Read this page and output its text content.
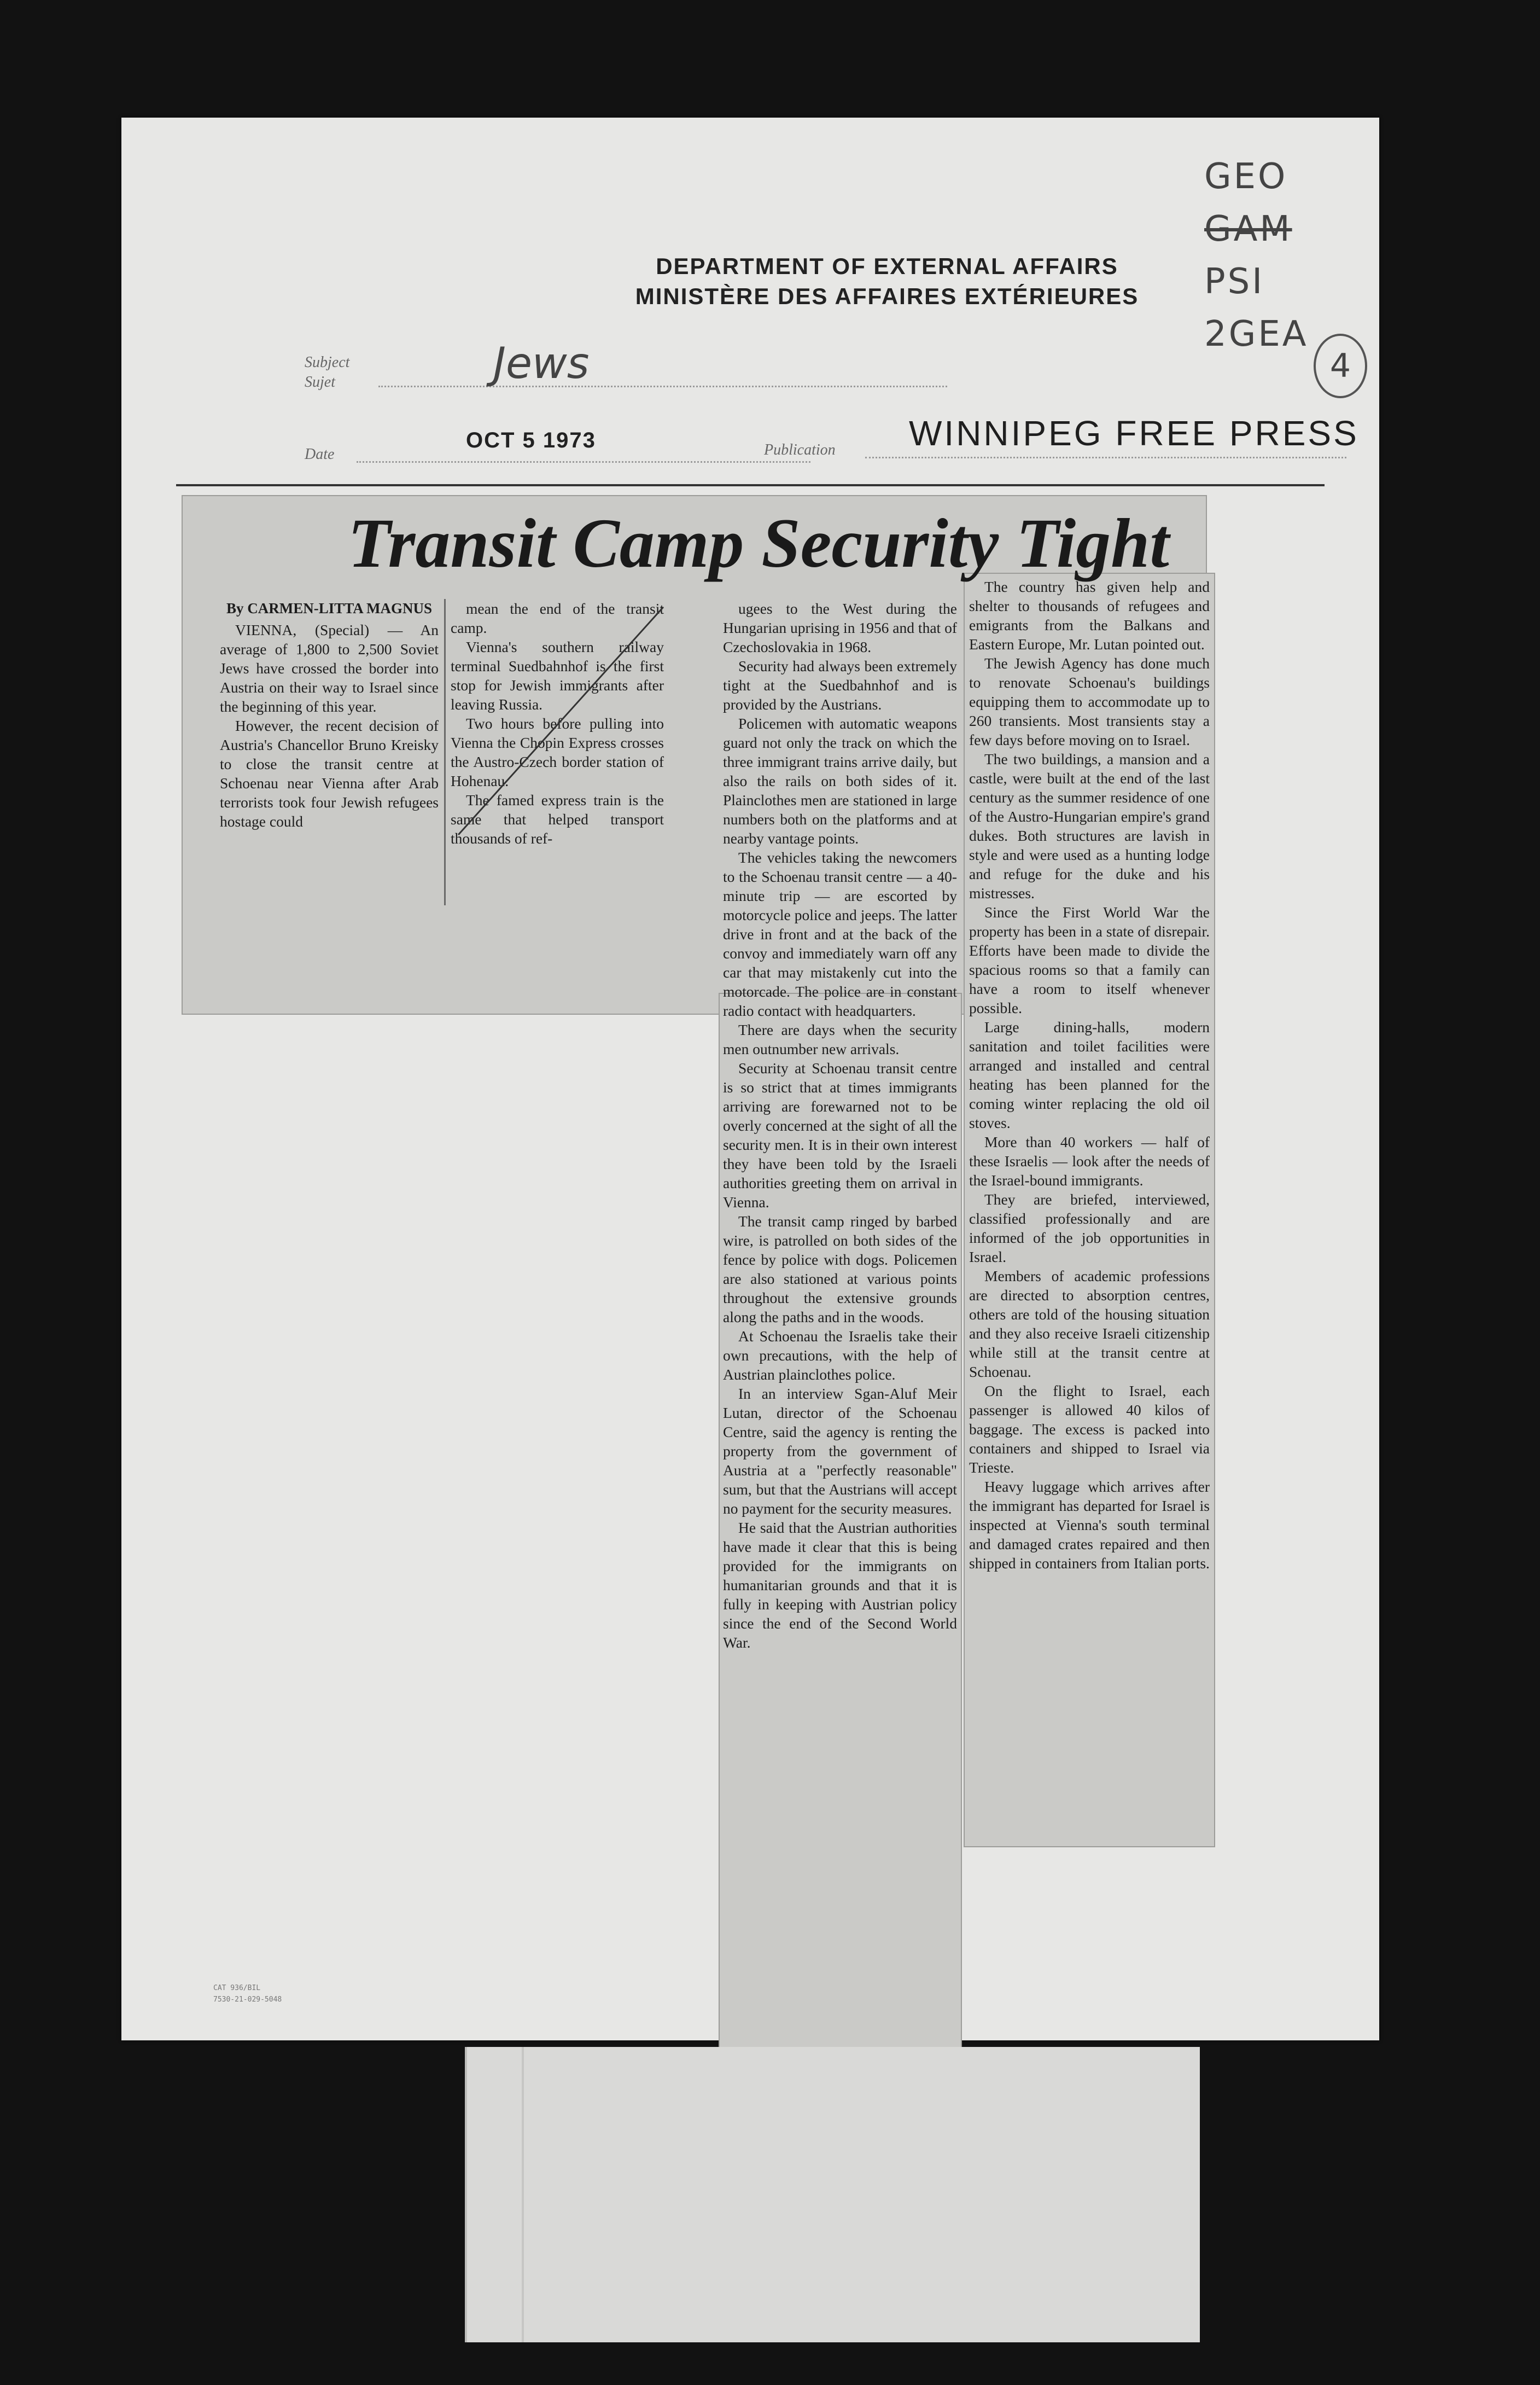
DEPARTMENT OF EXTERNAL AFFAIRS
MINISTÈRE DES AFFAIRES EXTÉRIEURES
GEO
GAM
PSI
2GEA
4
Subject
Sujet	Jews
Date
OCT 5 1973	Publication WINNIPEG FREE PRESS
Transit Camp Security Tight

By CARMEN-LITTA MAGNUS

VIENNA, (Special) — An average of 1,800 to 2,500 Soviet Jews have crossed the border into Austria on their way to Israel since the beginning of this year.

However, the recent decision of Austria's Chancellor Bruno Kreisky to close the transit centre at Schoenau near Vienna after Arab terrorists took four Jewish refugees hostage could

mean the end of the transit camp.

Vienna's southern railway terminal Suedbahnhof is the first stop for Jewish immigrants after leaving Russia.

Two hours before pulling into Vienna the Chopin Express crosses the Austro-Czech border station of Hohenau.

The famed express train is the same that helped transport thousands of ref-

ugees to the West during the Hungarian uprising in 1956 and that of Czechoslovakia in 1968.

Security had always been extremely tight at the Suedbahnhof and is provided by the Austrians.

Policemen with automatic weapons guard not only the track on which the three immigrant trains arrive daily, but also the rails on both sides of it. Plainclothes men are stationed in large numbers both on the platforms and at nearby vantage points.

The vehicles taking the newcomers to the Schoenau transit centre — a 40-minute trip — are escorted by motorcycle police and jeeps. The latter drive in front and at the back of the convoy and immediately warn off any car that may mistakenly cut into the motorcade. The police are in constant radio contact with headquarters.

There are days when the security men outnumber new arrivals.

Security at Schoenau transit centre is so strict that at times immigrants arriving are forewarned not to be overly concerned at the sight of all the security men. It is in their own interest they have been told by the Israeli authorities greeting them on arrival in Vienna.

The transit camp ringed by barbed wire, is patrolled on both sides of the fence by police with dogs. Policemen are also stationed at various points throughout the extensive grounds along the paths and in the woods.

At Schoenau the Israelis take their own precautions, with the help of Austrian plainclothes police.

In an interview Sgan-Aluf Meir Lutan, director of the Schoenau Centre, said the agency is renting the property from the government of Austria at a "perfectly reasonable" sum, but that the Austrians will accept no payment for the security measures.

He said that the Austrian authorities have made it clear that this is being provided for the immigrants on humanitarian grounds and that it is fully in keeping with Austrian policy since the end of the Second World War.

The country has given help and shelter to thousands of refugees and emigrants from the Balkans and Eastern Europe, Mr. Lutan pointed out.

The Jewish Agency has done much to renovate Schoenau's buildings equipping them to accommodate up to 260 transients. Most transients stay a few days before moving on to Israel.

The two buildings, a mansion and a castle, were built at the end of the last century as the summer residence of one of the Austro-Hungarian empire's grand dukes. Both structures are lavish in style and were used as a hunting lodge and refuge for the duke and his mistresses.

Since the First World War the property has been in a state of disrepair. Efforts have been made to divide the spacious rooms so that a family can have a room to itself whenever possible.

Large dining-halls, modern sanitation and toilet facilities were arranged and installed and central heating has been planned for the coming winter replacing the old oil stoves.

More than 40 workers — half of these Israelis — look after the needs of the Israel-bound immigrants.

They are briefed, interviewed, classified professionally and are informed of the job opportunities in Israel.

Members of academic professions are directed to absorption centres, others are told of the housing situation and they also receive Israeli citizenship while still at the transit centre at Schoenau.

On the flight to Israel, each passenger is allowed 40 kilos of baggage. The excess is packed into containers and shipped to Israel via Trieste.

Heavy luggage which arrives after the immigrant has departed for Israel is inspected at Vienna's south terminal and damaged crates repaired and then shipped in containers from Italian ports.

CAT 936/BIL
7530-21-029-5048
